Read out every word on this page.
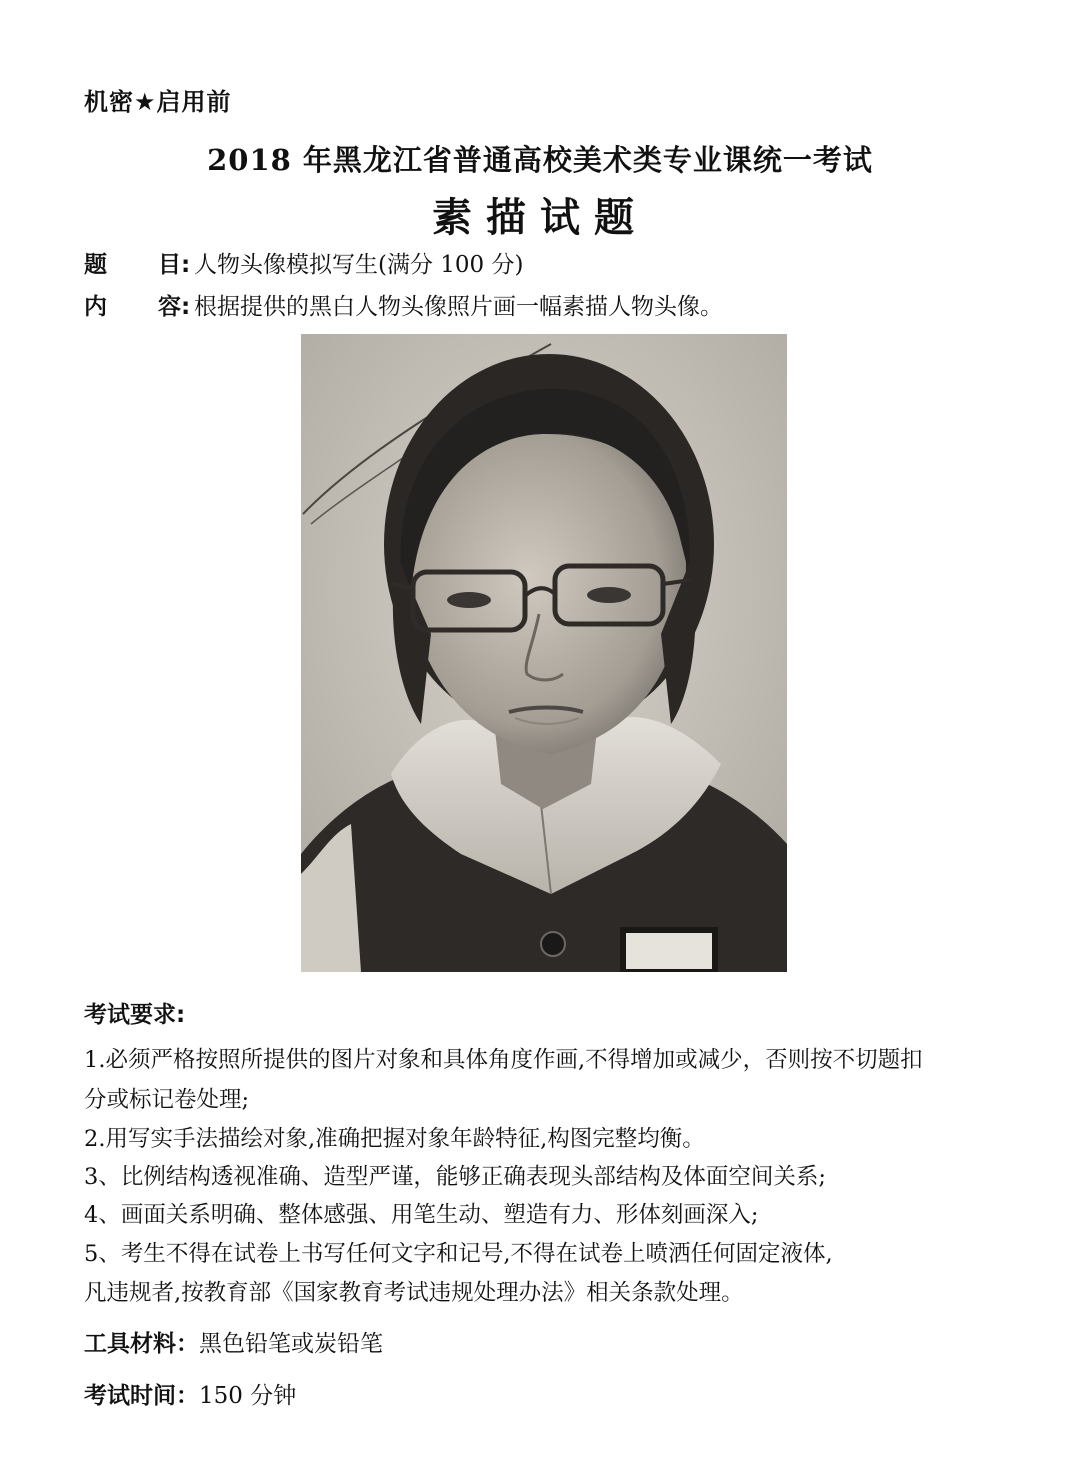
机密★启用前
2018 年黑龙江省普通高校美术类专业课统一考试
素描试题
题 目: 人物头像模拟写生(满分 100 分)
内 容: 根据提供的黑白人物头像照片画一幅素描人物头像。
考试要求:
1.必须严格按照所提供的图片对象和具体角度作画,不得增加或减少，否则按不切题扣
分或标记卷处理;
2.用写实手法描绘对象,准确把握对象年龄特征,构图完整均衡。
3、比例结构透视准确、造型严谨，能够正确表现头部结构及体面空间关系;
4、画面关系明确、整体感强、用笔生动、塑造有力、形体刻画深入;
5、考生不得在试卷上书写任何文字和记号,不得在试卷上喷洒任何固定液体,
凡违规者,按教育部《国家教育考试违规处理办法》相关条款处理。
工具材料：黑色铅笔或炭铅笔
考试时间：150 分钟
